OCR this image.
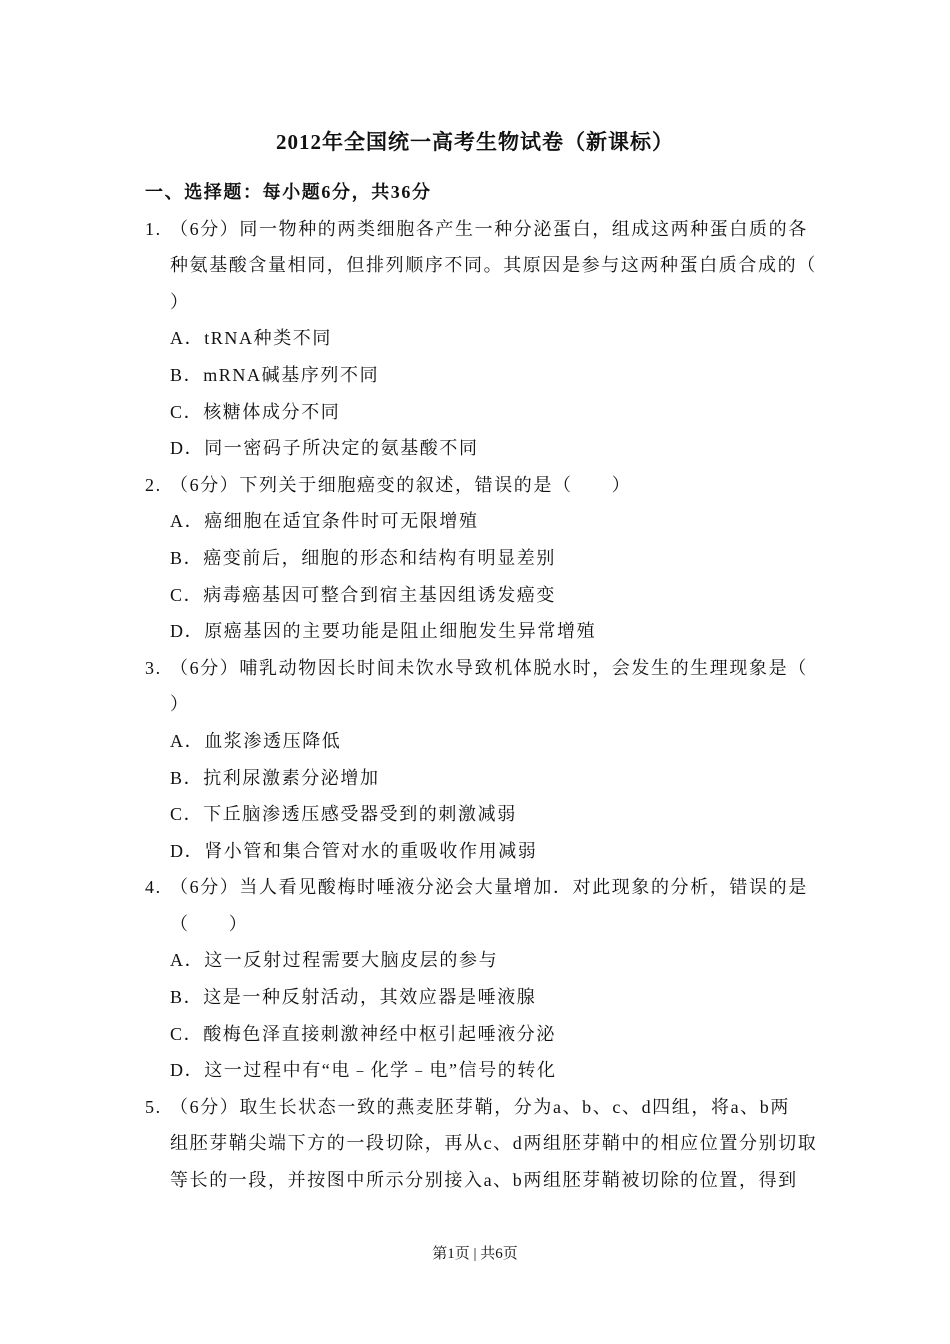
2012年全国统一高考生物试卷（新课标）
一、选择题：每小题6分，共36分
1. （6分）同一物种的两类细胞各产生一种分泌蛋白，组成这两种蛋白质的各
种氨基酸含量相同，但排列顺序不同。其原因是参与这两种蛋白质合成的（
）
A．tRNA种类不同
B．mRNA碱基序列不同
C．核糖体成分不同
D．同一密码子所决定的氨基酸不同
2. （6分）下列关于细胞癌变的叙述，错误的是（　　）
A．癌细胞在适宜条件时可无限增殖
B．癌变前后，细胞的形态和结构有明显差别
C．病毒癌基因可整合到宿主基因组诱发癌变
D．原癌基因的主要功能是阻止细胞发生异常增殖
3. （6分）哺乳动物因长时间未饮水导致机体脱水时，会发生的生理现象是（
）
A．血浆渗透压降低
B．抗利尿激素分泌增加
C．下丘脑渗透压感受器受到的刺激减弱
D．肾小管和集合管对水的重吸收作用减弱
4. （6分）当人看见酸梅时唾液分泌会大量增加．对此现象的分析，错误的是
（　　）
A．这一反射过程需要大脑皮层的参与
B．这是一种反射活动，其效应器是唾液腺
C．酸梅色泽直接刺激神经中枢引起唾液分泌
D．这一过程中有“电﹣化学﹣电”信号的转化
5. （6分）取生长状态一致的燕麦胚芽鞘，分为a、b、c、d四组，将a、b两
组胚芽鞘尖端下方的一段切除，再从c、d两组胚芽鞘中的相应位置分别切取
等长的一段，并按图中所示分别接入a、b两组胚芽鞘被切除的位置，得到
第1页 | 共6页
